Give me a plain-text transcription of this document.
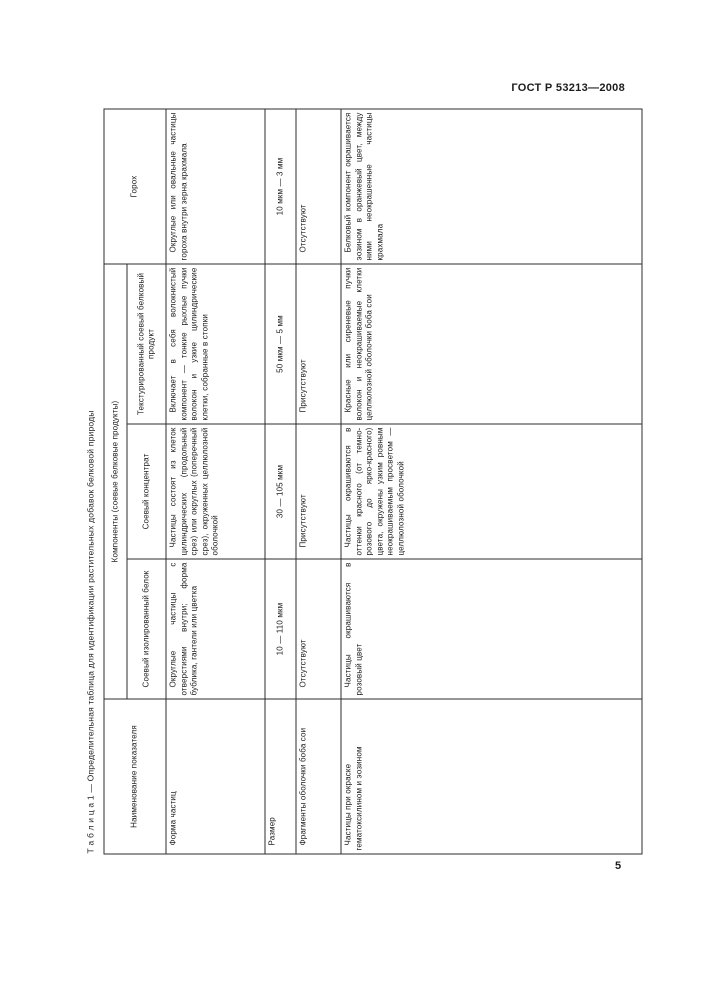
ГОСТ Р 53213—2008
Т а б л и ц а 1 — Определительная таблица для идентификации растительных добавок белковой природы	Наименование показателя	Компоненты (соевые белковые продукты)			Горох
	Соевый изолированный белок	Соевый концентрат	Текстурированный соевый белковый продукт	
Форма частиц	Округлые частицы с отверстиями внутри; форма бублика, гантели или цветка	Частицы состоят из клеток цилиндрических (продольный срез) или округлых (поперечный срез), окруженных целлюлозной оболочкой	Включает в себя волокнистый компонент — тонкие рыхлые пучки волокон и узкие цилиндрические клетки, собранные в стопки	Округлые или овальные частицы гороха внутри зерна крахмала
Размер	10 — 110 мкм	30 — 105 мкм	50 мкм — 5 мм	10 мкм — 3 мм
Фрагменты оболочки боба сои	Отсутствуют	Присутствуют	Присутствуют	Отсутствуют
Частицы при окраске гематоксилином и эозином	Частицы окрашиваются в розовый цвет	Частицы окрашиваются в оттенки красного (от темно-розового до ярко-красного) цвета, окружены узким ровным неокрашиваемым просветом — целлюлозной оболочкой	Красные или сиреневые пучки волокон и неокрашиваемые клетки целлюлозной оболочки боба сои	Белковый компонент окрашивается эозином в оранжевый цвет, между ними неокрашенные частицы крахмала
5
